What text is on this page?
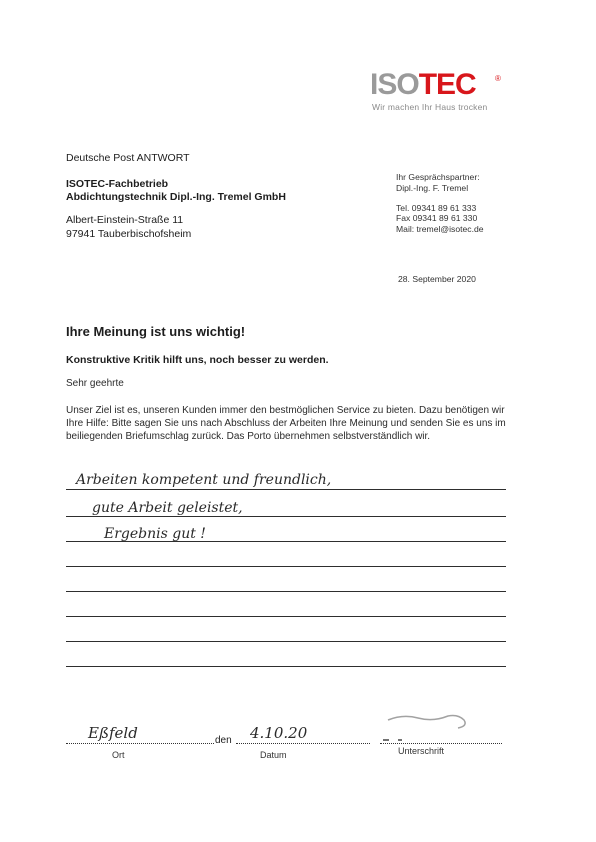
ISOTEC ®
Wir machen Ihr Haus trocken
Deutsche Post ANTWORT
ISOTEC-Fachbetrieb
Abdichtungstechnik Dipl.-Ing. Tremel GmbH
Albert-Einstein-Straße 11
97941 Tauberbischofsheim
Ihr Gesprächspartner:
Dipl.-Ing. F. Tremel
Tel. 09341 89 61 333
Fax 09341 89 61 330
Mail: tremel@isotec.de
28. September 2020
Ihre Meinung ist uns wichtig!
Konstruktive Kritik hilft uns, noch besser zu werden.
Sehr geehrte
Unser Ziel ist es, unseren Kunden immer den bestmöglichen Service zu bieten. Dazu benötigen wir Ihre Hilfe: Bitte sagen Sie uns nach Abschluss der Arbeiten Ihre Meinung und senden Sie es uns im beiliegenden Briefumschlag zurück. Das Porto übernehmen selbstverständlich wir.
Arbeiten kompetent und freundlich,
gute Arbeit geleistet,
Ergebnis gut !
Eßfeld	4.10.20
den
Ort	Datum	Unterschrift
